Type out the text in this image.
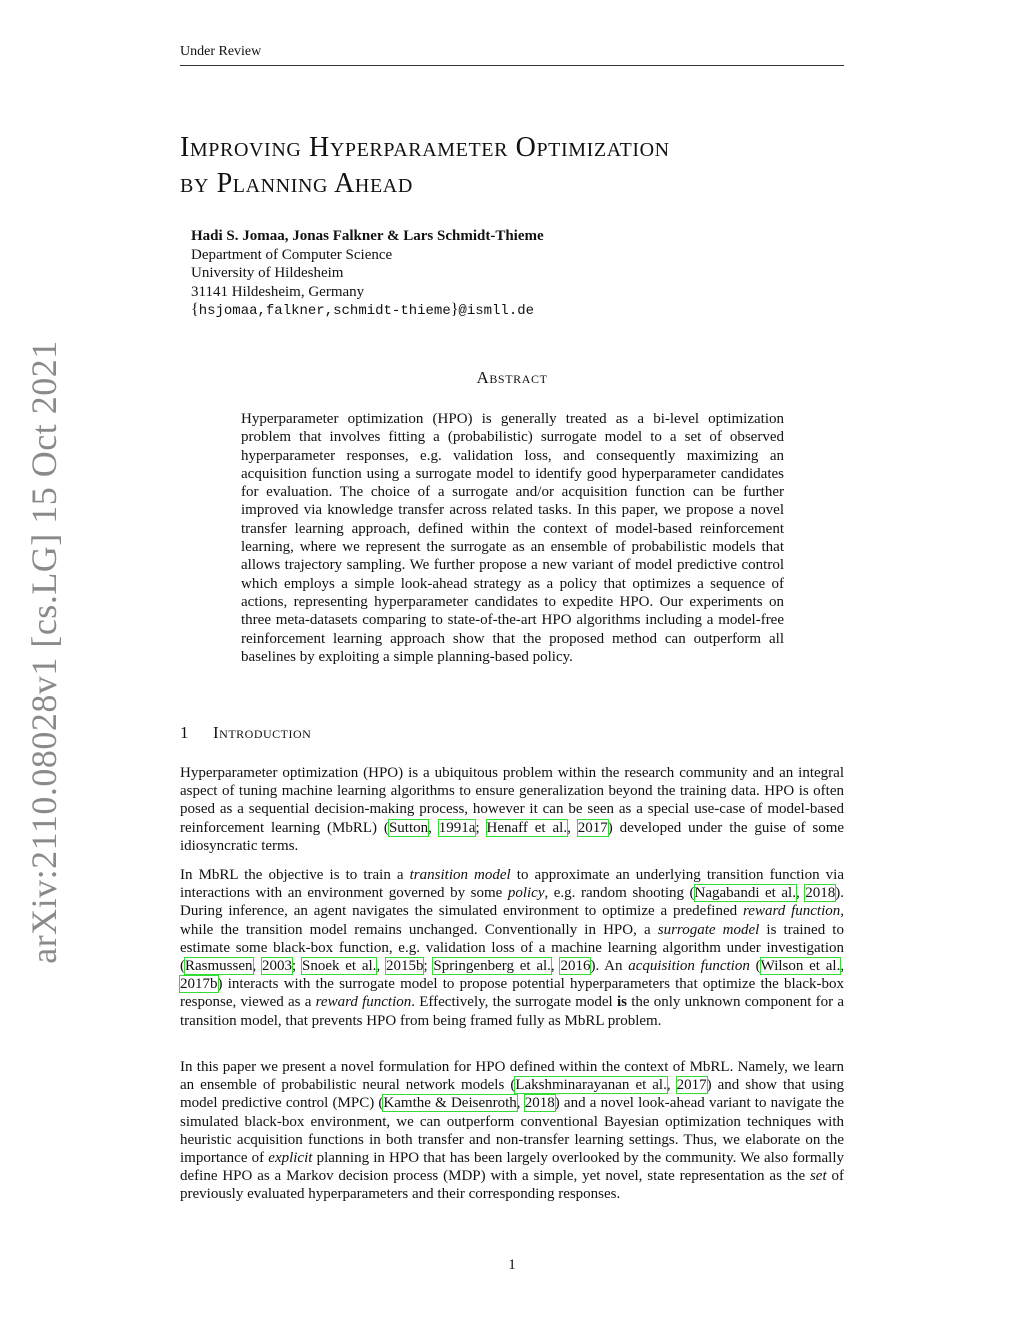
Under Review
arXiv:2110.08028v1 [cs.LG] 15 Oct 2021
Improving Hyperparameter Optimization
by Planning Ahead
Hadi S. Jomaa, Jonas Falkner & Lars Schmidt-Thieme
Department of Computer Science
University of Hildesheim
31141 Hildesheim, Germany
{hsjomaa,falkner,schmidt-thieme}@ismll.de
Abstract
Hyperparameter optimization (HPO) is generally treated as a bi-level optimization problem that involves fitting a (probabilistic) surrogate model to a set of observed hyperparameter responses, e.g. validation loss, and consequently maximizing an acquisition function using a surrogate model to identify good hyperparameter candidates for evaluation. The choice of a surrogate and/or acquisition function can be further improved via knowledge transfer across related tasks. In this paper, we propose a novel transfer learning approach, defined within the context of model-based reinforcement learning, where we represent the surrogate as an ensemble of probabilistic models that allows trajectory sampling. We further propose a new variant of model predictive control which employs a simple look-ahead strategy as a policy that optimizes a sequence of actions, representing hyperparameter candidates to expedite HPO. Our experiments on three meta-datasets comparing to state-of-the-art HPO algorithms including a model-free reinforcement learning approach show that the proposed method can outperform all baselines by exploiting a simple planning-based policy.
1 Introduction

Hyperparameter optimization (HPO) is a ubiquitous problem within the research community and an integral aspect of tuning machine learning algorithms to ensure generalization beyond the training data. HPO is often posed as a sequential decision-making process, however it can be seen as a special use-case of model-based reinforcement learning (MbRL) (Sutton, 1991a; Henaff et al., 2017) developed under the guise of some idiosyncratic terms.

In MbRL the objective is to train a transition model to approximate an underlying transition function via interactions with an environment governed by some policy, e.g. random shooting (Nagabandi et al., 2018). During inference, an agent navigates the simulated environment to optimize a predefined reward function, while the transition model remains unchanged. Conventionally in HPO, a surrogate model is trained to estimate some black-box function, e.g. validation loss of a machine learning algorithm under investigation (Rasmussen, 2003; Snoek et al., 2015b; Springenberg et al., 2016). An acquisition function (Wilson et al., 2017b) interacts with the surrogate model to propose potential hyperparameters that optimize the black-box response, viewed as a reward function. Effectively, the surrogate model is the only unknown component for a transition model, that prevents HPO from being framed fully as MbRL problem.

In this paper we present a novel formulation for HPO defined within the context of MbRL. Namely, we learn an ensemble of probabilistic neural network models (Lakshminarayanan et al., 2017) and show that using model predictive control (MPC) (Kamthe & Deisenroth, 2018) and a novel look-ahead variant to navigate the simulated black-box environment, we can outperform conventional Bayesian optimization techniques with heuristic acquisition functions in both transfer and non-transfer learning settings. Thus, we elaborate on the importance of explicit planning in HPO that has been largely overlooked by the community. We also formally define HPO as a Markov decision process (MDP) with a simple, yet novel, state representation as the set of previously evaluated hyperparameters and their corresponding responses.

1
